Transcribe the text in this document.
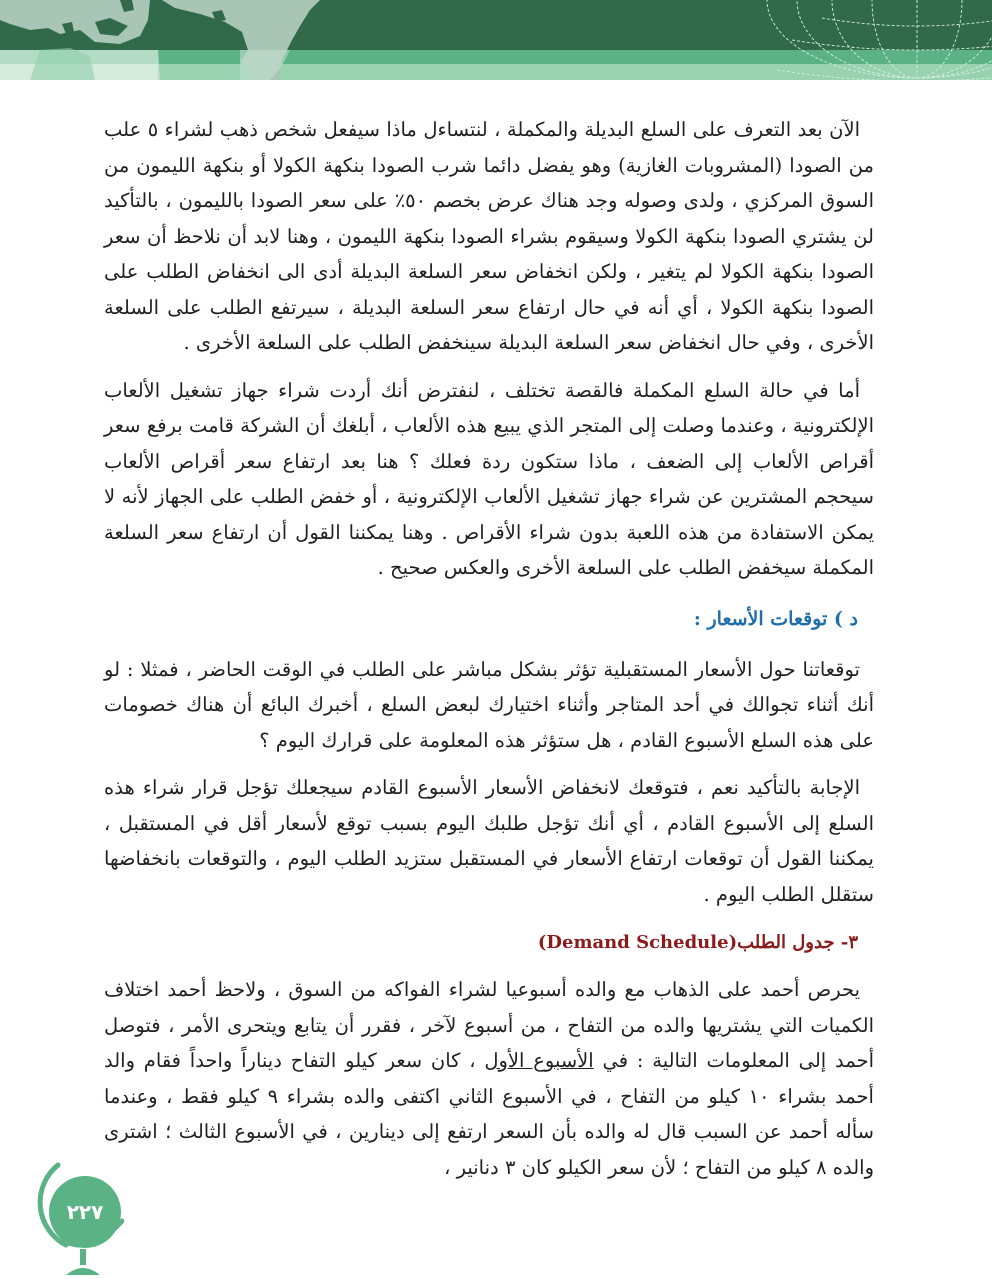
الآن بعد التعرف على السلع البديلة والمكملة ، لنتساءل ماذا سيفعل شخص ذهب لشراء ٥ علب من الصودا (المشروبات الغازية) وهو يفضل دائما شرب الصودا بنكهة الكولا أو بنكهة الليمون من السوق المركزي ، ولدى وصوله وجد هناك عرض بخصم ٥٠٪ على سعر الصودا بالليمون ، بالتأكيد لن يشتري الصودا بنكهة الكولا وسيقوم بشراء الصودا بنكهة الليمون ، وهنا لابد أن نلاحظ أن سعر الصودا بنكهة الكولا لم يتغير ، ولكن انخفاض سعر السلعة البديلة أدى الى انخفاض الطلب على الصودا بنكهة الكولا ، أي أنه في حال ارتفاع سعر السلعة البديلة ، سيرتفع الطلب على السلعة الأخرى ، وفي حال انخفاض سعر السلعة البديلة سينخفض الطلب على السلعة الأخرى .

أما في حالة السلع المكملة فالقصة تختلف ، لنفترض أنك أردت شراء جهاز تشغيل الألعاب الإلكترونية ، وعندما وصلت إلى المتجر الذي يبيع هذه الألعاب ، أبلغك أن الشركة قامت برفع سعر أقراص الألعاب إلى الضعف ، ماذا ستكون ردة فعلك ؟ هنا بعد ارتفاع سعر أقراص الألعاب سيحجم المشترين عن شراء جهاز تشغيل الألعاب الإلكترونية ، أو خفض الطلب على الجهاز لأنه لا يمكن الاستفادة من هذه اللعبة بدون شراء الأقراص . وهنا يمكننا القول أن ارتفاع سعر السلعة المكملة سيخفض الطلب على السلعة الأخرى والعكس صحيح .

د ) توقعات الأسعار :

توقعاتنا حول الأسعار المستقبلية تؤثر بشكل مباشر على الطلب في الوقت الحاضر ، فمثلا : لو أنك أثناء تجوالك في أحد المتاجر وأثناء اختيارك لبعض السلع ، أخبرك البائع أن هناك خصومات على هذه السلع الأسبوع القادم ، هل ستؤثر هذه المعلومة على قرارك اليوم ؟

الإجابة بالتأكيد نعم ، فتوقعك لانخفاض الأسعار الأسبوع القادم سيجعلك تؤجل قرار شراء هذه السلع إلى الأسبوع القادم ، أي أنك تؤجل طلبك اليوم بسبب توقع لأسعار أقل في المستقبل ، يمكننا القول أن توقعات ارتفاع الأسعار في المستقبل ستزيد الطلب اليوم ، والتوقعات بانخفاضها ستقلل الطلب اليوم .

٣- جدول الطلب(Demand Schedule)

يحرص أحمد على الذهاب مع والده أسبوعيا لشراء الفواكه من السوق ، ولاحظ أحمد اختلاف الكميات التي يشتريها والده من التفاح ، من أسبوع لآخر ، فقرر أن يتابع ويتحرى الأمر ، فتوصل أحمد إلى المعلومات التالية : في الأسبوع الأول ، كان سعر كيلو التفاح ديناراً واحداً فقام والد أحمد بشراء ١٠ كيلو من التفاح ، في الأسبوع الثاني اكتفى والده بشراء ٩ كيلو فقط ، وعندما سأله أحمد عن السبب قال له والده بأن السعر ارتفع إلى دينارين ، في الأسبوع الثالث ؛ اشترى والده ٨ كيلو من التفاح ؛ لأن سعر الكيلو كان ٣ دنانير ،

٢٢٧
